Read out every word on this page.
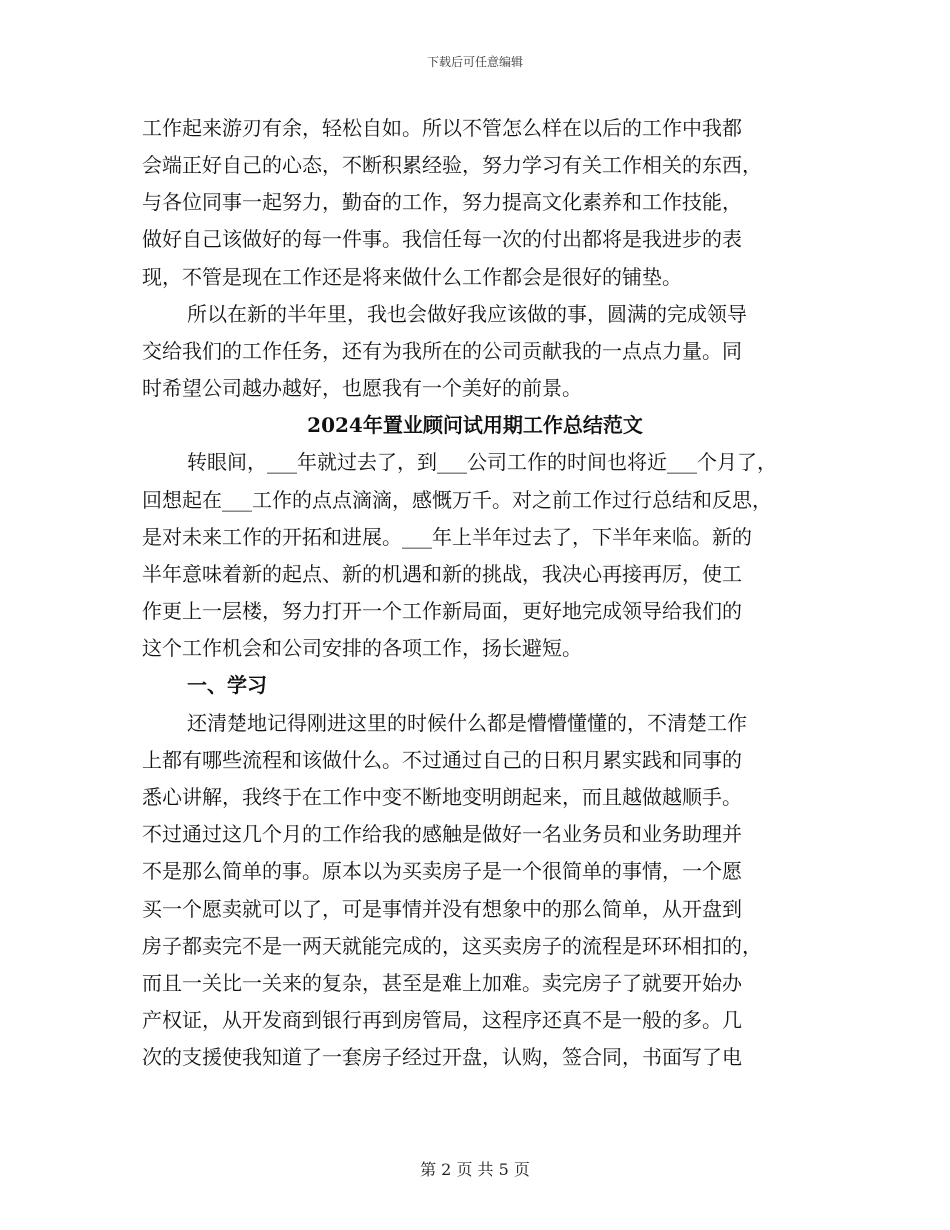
下载后可任意编辑
工作起来游刃有余，轻松自如。所以不管怎么样在以后的工作中我都
会端正好自己的心态，不断积累经验，努力学习有关工作相关的东西，
与各位同事一起努力，勤奋的工作，努力提高文化素养和工作技能，
做好自己该做好的每一件事。我信任每一次的付出都将是我进步的表
现，不管是现在工作还是将来做什么工作都会是很好的铺垫。
所以在新的半年里，我也会做好我应该做的事，圆满的完成领导
交给我们的工作任务，还有为我所在的公司贡献我的一点点力量。同
时希望公司越办越好，也愿我有一个美好的前景。
2024年置业顾问试用期工作总结范文
转眼间，___年就过去了，到___公司工作的时间也将近___个月了，
回想起在___工作的点点滴滴，感慨万千。对之前工作过行总结和反思，
是对未来工作的开拓和进展。___年上半年过去了，下半年来临。新的
半年意味着新的起点、新的机遇和新的挑战，我决心再接再厉，使工
作更上一层楼，努力打开一个工作新局面，更好地完成领导给我们的
这个工作机会和公司安排的各项工作，扬长避短。
一、学习
还清楚地记得刚进这里的时候什么都是懵懵懂懂的，不清楚工作
上都有哪些流程和该做什么。不过通过自己的日积月累实践和同事的
悉心讲解，我终于在工作中变不断地变明朗起来，而且越做越顺手。
不过通过这几个月的工作给我的感触是做好一名业务员和业务助理并
不是那么简单的事。原本以为买卖房子是一个很简单的事情，一个愿
买一个愿卖就可以了，可是事情并没有想象中的那么简单，从开盘到
房子都卖完不是一两天就能完成的，这买卖房子的流程是环环相扣的，
而且一关比一关来的复杂，甚至是难上加难。卖完房子了就要开始办
产权证，从开发商到银行再到房管局，这程序还真不是一般的多。几
次的支援使我知道了一套房子经过开盘，认购，签合同，书面写了电
第 2 页 共 5 页
